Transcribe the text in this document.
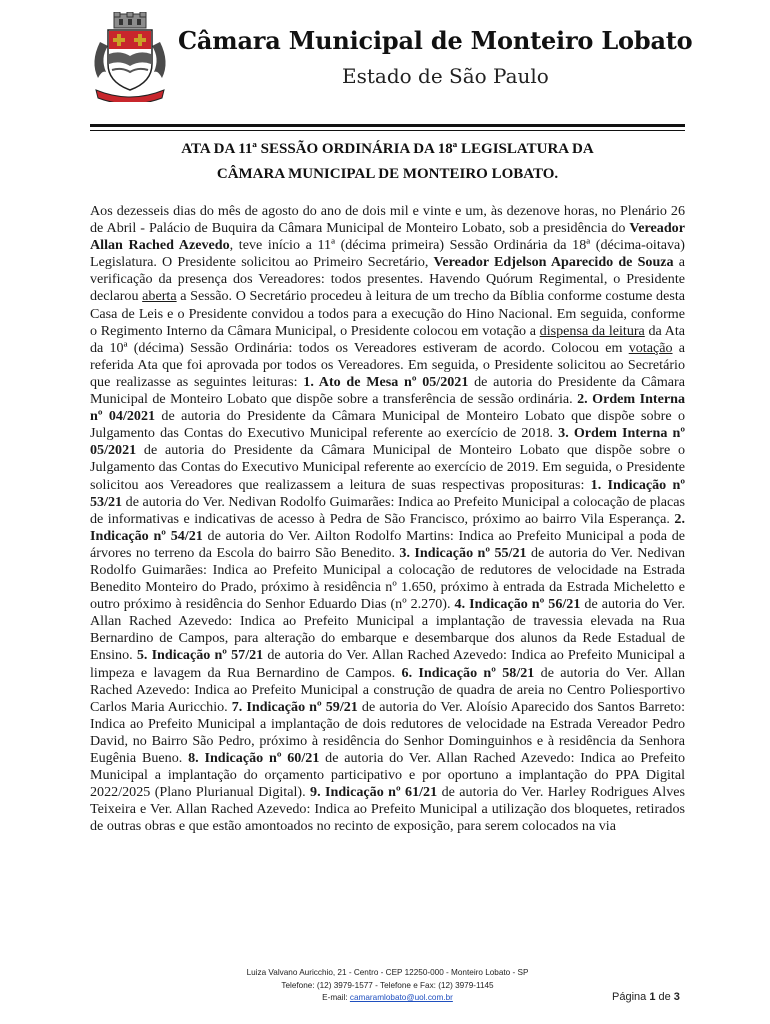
Câmara Municipal de Monteiro Lobato

Estado de São Paulo

ATA DA 11ª SESSÃO ORDINÁRIA DA 18ª LEGISLATURA DA
CÂMARA MUNICIPAL DE MONTEIRO LOBATO.

Aos dezesseis dias do mês de agosto do ano de dois mil e vinte e um, às dezenove horas, no Plenário 26 de Abril - Palácio de Buquira da Câmara Municipal de Monteiro Lobato, sob a presidência do Vereador Allan Rached Azevedo, teve início a 11ª (décima primeira) Sessão Ordinária da 18ª (décima-oitava) Legislatura. O Presidente solicitou ao Primeiro Secretário, Vereador Edjelson Aparecido de Souza a verificação da presença dos Vereadores: todos presentes. Havendo Quórum Regimental, o Presidente declarou aberta a Sessão. O Secretário procedeu à leitura de um trecho da Bíblia conforme costume desta Casa de Leis e o Presidente convidou a todos para a execução do Hino Nacional. Em seguida, conforme o Regimento Interno da Câmara Municipal, o Presidente colocou em votação a dispensa da leitura da Ata da 10ª (décima) Sessão Ordinária: todos os Vereadores estiveram de acordo. Colocou em votação a referida Ata que foi aprovada por todos os Vereadores. Em seguida, o Presidente solicitou ao Secretário que realizasse as seguintes leituras: 1. Ato de Mesa nº 05/2021 de autoria do Presidente da Câmara Municipal de Monteiro Lobato que dispõe sobre a transferência de sessão ordinária. 2. Ordem Interna nº 04/2021 de autoria do Presidente da Câmara Municipal de Monteiro Lobato que dispõe sobre o Julgamento das Contas do Executivo Municipal referente ao exercício de 2018. 3. Ordem Interna nº 05/2021 de autoria do Presidente da Câmara Municipal de Monteiro Lobato que dispõe sobre o Julgamento das Contas do Executivo Municipal referente ao exercício de 2019. Em seguida, o Presidente solicitou aos Vereadores que realizassem a leitura de suas respectivas proposituras: 1. Indicação nº 53/21 de autoria do Ver. Nedivan Rodolfo Guimarães: Indica ao Prefeito Municipal a colocação de placas de informativas e indicativas de acesso à Pedra de São Francisco, próximo ao bairro Vila Esperança. 2. Indicação nº 54/21 de autoria do Ver. Ailton Rodolfo Martins: Indica ao Prefeito Municipal a poda de árvores no terreno da Escola do bairro São Benedito. 3. Indicação nº 55/21 de autoria do Ver. Nedivan Rodolfo Guimarães: Indica ao Prefeito Municipal a colocação de redutores de velocidade na Estrada Benedito Monteiro do Prado, próximo à residência nº 1.650, próximo à entrada da Estrada Micheletto e outro próximo à residência do Senhor Eduardo Dias (nº 2.270). 4. Indicação nº 56/21 de autoria do Ver. Allan Rached Azevedo: Indica ao Prefeito Municipal a implantação de travessia elevada na Rua Bernardino de Campos, para alteração do embarque e desembarque dos alunos da Rede Estadual de Ensino. 5. Indicação nº 57/21 de autoria do Ver. Allan Rached Azevedo: Indica ao Prefeito Municipal a limpeza e lavagem da Rua Bernardino de Campos. 6. Indicação nº 58/21 de autoria do Ver. Allan Rached Azevedo: Indica ao Prefeito Municipal a construção de quadra de areia no Centro Poliesportivo Carlos Maria Auricchio. 7. Indicação nº 59/21 de autoria do Ver. Aloísio Aparecido dos Santos Barreto: Indica ao Prefeito Municipal a implantação de dois redutores de velocidade na Estrada Vereador Pedro David, no Bairro São Pedro, próximo à residência do Senhor Dominguinhos e à residência da Senhora Eugênia Bueno. 8. Indicação nº 60/21 de autoria do Ver. Allan Rached Azevedo: Indica ao Prefeito Municipal a implantação do orçamento participativo e por oportuno a implantação do PPA Digital 2022/2025 (Plano Plurianual Digital). 9. Indicação nº 61/21 de autoria do Ver. Harley Rodrigues Alves Teixeira e Ver. Allan Rached Azevedo: Indica ao Prefeito Municipal a utilização dos bloquetes, retirados de outras obras e que estão amontoados no recinto de exposição, para serem colocados na via

Luiza Valvano Auricchio, 21 - Centro - CEP 12250-000 - Monteiro Lobato - SP
Telefone: (12) 3979-1577 - Telefone e Fax: (12) 3979-1145
E-mail: camaramlobato@uol.com.br	Página 1 de 3
